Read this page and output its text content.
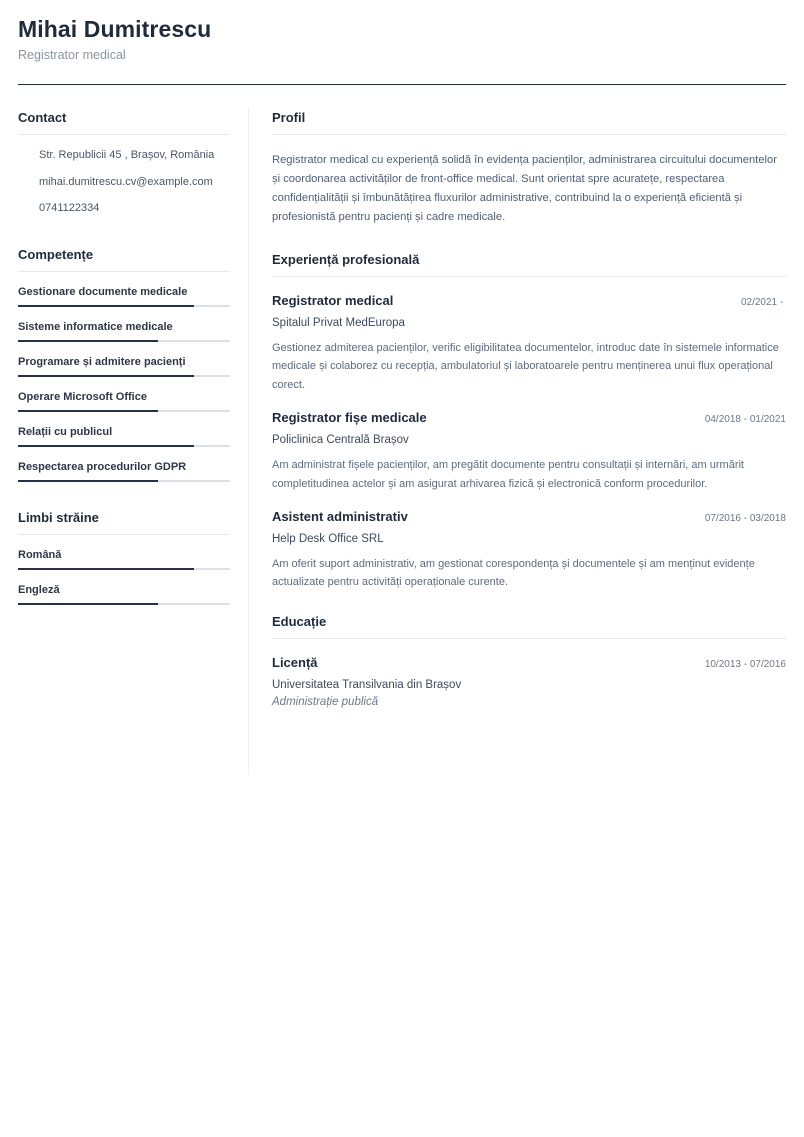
Mihai Dumitrescu
Registrator medical
Contact
Str. Republicii 45 , Brașov, România
mihai.dumitrescu.cv@example.com
0741122334
Competențe
Gestionare documente medicale
Sisteme informatice medicale
Programare și admitere pacienți
Operare Microsoft Office
Relații cu publicul
Respectarea procedurilor GDPR
Limbi străine
Română
Engleză
Profil
Registrator medical cu experiență solidă în evidența pacienților, administrarea circuitului documentelor și coordonarea activităților de front-office medical. Sunt orientat spre acuratețe, respectarea confidențialității și îmbunătățirea fluxurilor administrative, contribuind la o experiență eficientă și profesionistă pentru pacienți și cadre medicale.
Experiență profesională
Registrator medical	02/2021 -
Spitalul Privat MedEuropa
Gestionez admiterea pacienților, verific eligibilitatea documentelor, introduc date în sistemele informatice medicale și colaborez cu recepția, ambulatoriul și laboratoarele pentru menținerea unui flux operațional corect.
Registrator fișe medicale	04/2018 - 01/2021
Policlinica Centrală Brașov
Am administrat fișele pacienților, am pregătit documente pentru consultații și internări, am urmărit completitudinea actelor și am asigurat arhivarea fizică și electronică conform procedurilor.
Asistent administrativ	07/2016 - 03/2018
Help Desk Office SRL
Am oferit suport administrativ, am gestionat corespondența și documentele și am menținut evidențe actualizate pentru activități operaționale curente.
Educație
Licență	10/2013 - 07/2016
Universitatea Transilvania din Brașov
Administrație publică
